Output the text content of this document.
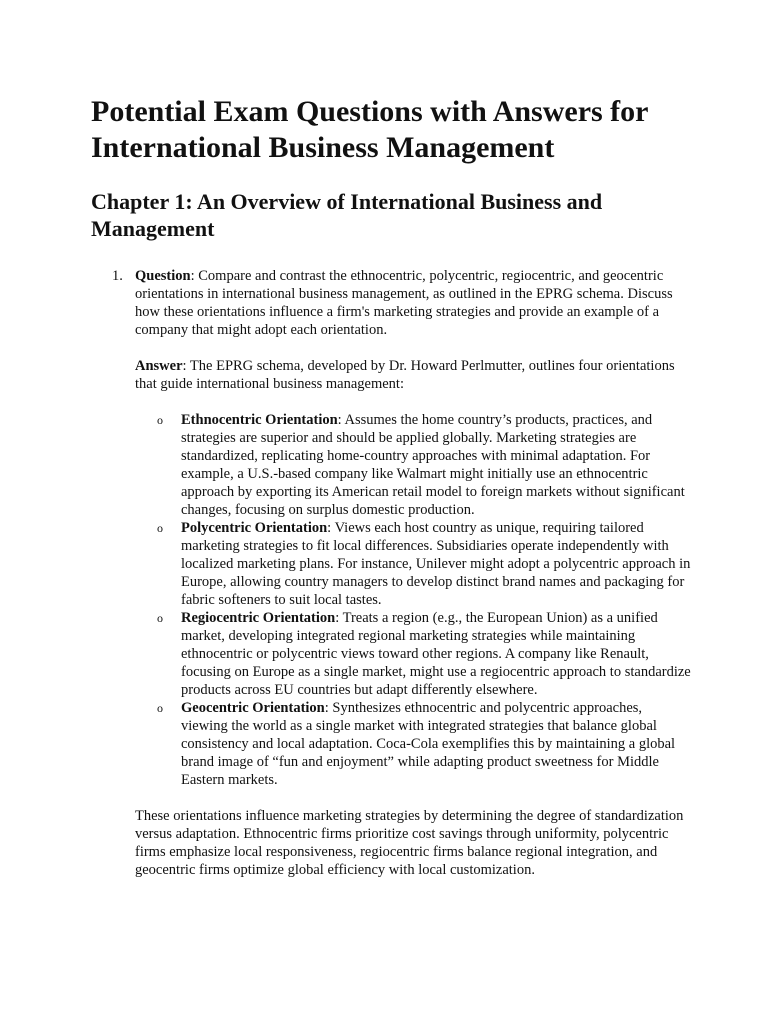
Potential Exam Questions with Answers for International Business Management
Chapter 1: An Overview of International Business and Management
1. Question: Compare and contrast the ethnocentric, polycentric, regiocentric, and geocentric orientations in international business management, as outlined in the EPRG schema. Discuss how these orientations influence a firm's marketing strategies and provide an example of a company that might adopt each orientation.

Answer: The EPRG schema, developed by Dr. Howard Perlmutter, outlines four orientations that guide international business management:

o Ethnocentric Orientation: Assumes the home country’s products, practices, and strategies are superior and should be applied globally. Marketing strategies are standardized, replicating home-country approaches with minimal adaptation. For example, a U.S.-based company like Walmart might initially use an ethnocentric approach by exporting its American retail model to foreign markets without significant changes, focusing on surplus domestic production.
o Polycentric Orientation: Views each host country as unique, requiring tailored marketing strategies to fit local differences. Subsidiaries operate independently with localized marketing plans. For instance, Unilever might adopt a polycentric approach in Europe, allowing country managers to develop distinct brand names and packaging for fabric softeners to suit local tastes.
o Regiocentric Orientation: Treats a region (e.g., the European Union) as a unified market, developing integrated regional marketing strategies while maintaining ethnocentric or polycentric views toward other regions. A company like Renault, focusing on Europe as a single market, might use a regiocentric approach to standardize products across EU countries but adapt differently elsewhere.
o Geocentric Orientation: Synthesizes ethnocentric and polycentric approaches, viewing the world as a single market with integrated strategies that balance global consistency and local adaptation. Coca-Cola exemplifies this by maintaining a global brand image of “fun and enjoyment” while adapting product sweetness for Middle Eastern markets.

These orientations influence marketing strategies by determining the degree of standardization versus adaptation. Ethnocentric firms prioritize cost savings through uniformity, polycentric firms emphasize local responsiveness, regiocentric firms balance regional integration, and geocentric firms optimize global efficiency with local customization.
